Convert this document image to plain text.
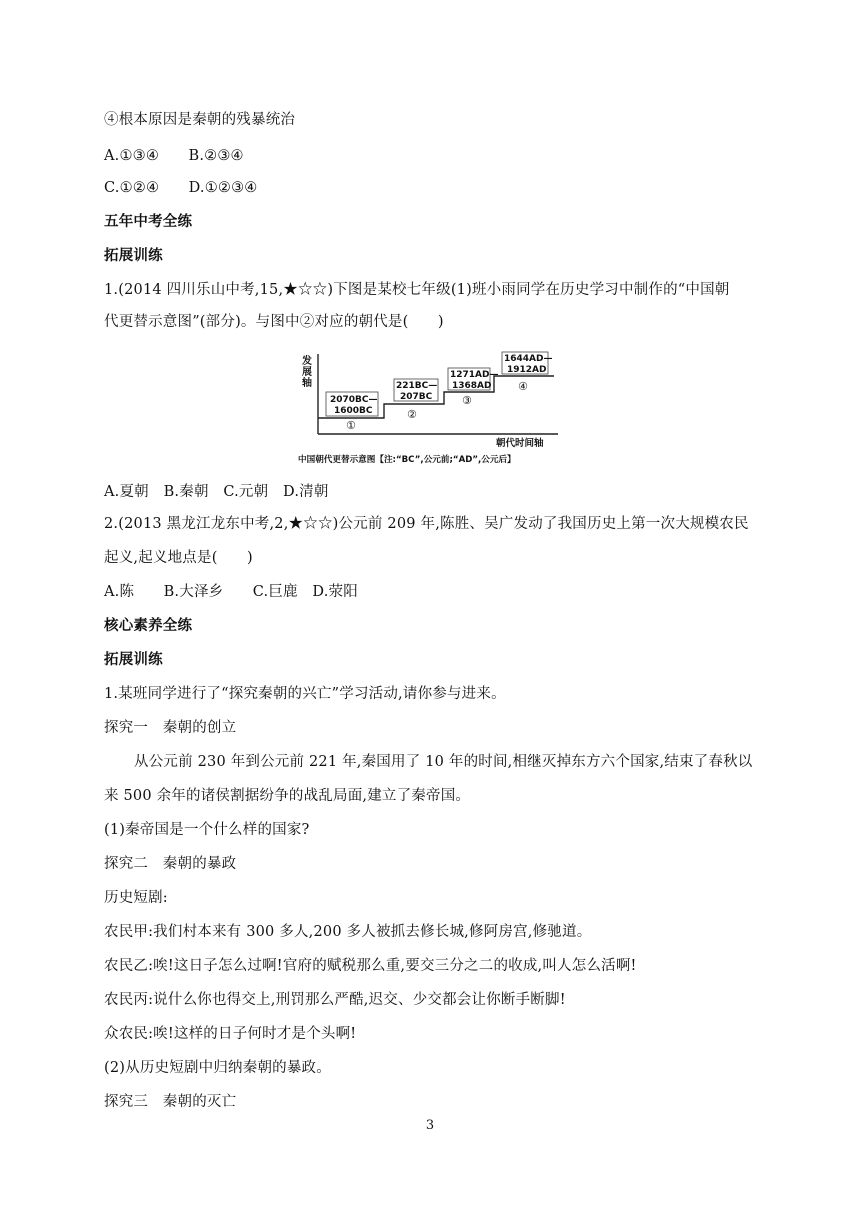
④根本原因是秦朝的残暴统治
A.①③④　　B.②③④
C.①②④　　D.①②③④
五年中考全练
拓展训练
1.(2014 四川乐山中考,15,★☆☆)下图是某校七年级(1)班小雨同学在历史学习中制作的“中国朝
代更替示意图”(部分)。与图中②对应的朝代是(　　)
发
展
轴
2070BC—
1600BC
①
221BC—
207BC
②
1271AD—
1368AD
③
1644AD—
1912AD
④
朝代时间轴
中国朝代更替示意图【注:“BC”,公元前;“AD”,公元后】
A.夏朝　B.秦朝　C.元朝　D.清朝
2.(2013 黑龙江龙东中考,2,★☆☆)公元前 209 年,陈胜、吴广发动了我国历史上第一次大规模农民
起义,起义地点是(　　)
A.陈　　B.大泽乡　　C.巨鹿　D.荥阳
核心素养全练
拓展训练
1.某班同学进行了“探究秦朝的兴亡”学习活动,请你参与进来。
探究一　秦朝的创立
从公元前 230 年到公元前 221 年,秦国用了 10 年的时间,相继灭掉东方六个国家,结束了春秋以
来 500 余年的诸侯割据纷争的战乱局面,建立了秦帝国。
(1)秦帝国是一个什么样的国家?
探究二　秦朝的暴政
历史短剧:
农民甲:我们村本来有 300 多人,200 多人被抓去修长城,修阿房宫,修驰道。
农民乙:唉!这日子怎么过啊!官府的赋税那么重,要交三分之二的收成,叫人怎么活啊!
农民丙:说什么你也得交上,刑罚那么严酷,迟交、少交都会让你断手断脚!
众农民:唉!这样的日子何时才是个头啊!
(2)从历史短剧中归纳秦朝的暴政。
探究三　秦朝的灭亡
3
